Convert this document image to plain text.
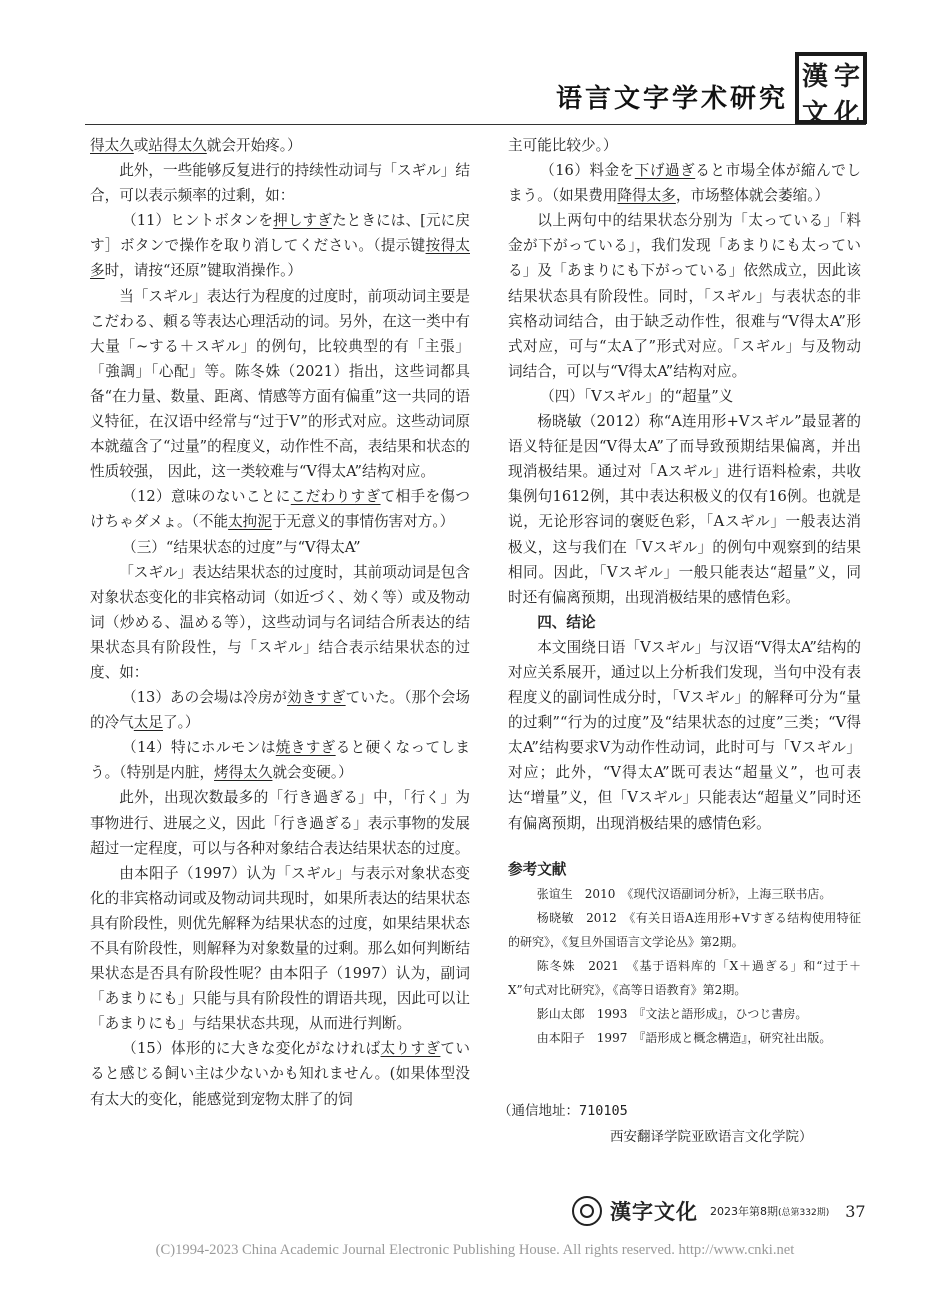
语言文字学术研究
漢 字
文 化

得太久或站得太久就会开始疼。）

此外，一些能够反复进行的持续性动词与「スギル」结合，可以表示频率的过剩，如：

（11）ヒントボタンを押しすぎたときには、[元に戻す］ボタンで操作を取り消してください。（提示键按得太多时，请按“还原”键取消操作。）

当「スギル」表达行为程度的过度时，前项动词主要是こだわる、頼る等表达心理活动的词。另外，在这一类中有大量「~する＋スギル」的例句，比较典型的有「主張」「強調」「心配」等。陈冬姝（2021）指出，这些词都具备“在力量、数量、距离、情感等方面有偏重”这一共同的语义特征，在汉语中经常与“过于V”的形式对应。这些动词原本就蕴含了“过量”的程度义，动作性不高，表结果和状态的性质较强， 因此，这一类较难与“V得太A”结构对应。

（12）意味のないことにこだわりすぎて相手を傷つけちゃダメょ。（不能太拘泥于无意义的事情伤害对方。）

（三）“结果状态的过度”与“V得太A”

「スギル」表达结果状态的过度时，其前项动词是包含对象状态变化的非宾格动词（如近づく、効く等）或及物动词（炒める、温める等），这些动词与名词结合所表达的结果状态具有阶段性，与「スギル」结合表示结果状态的过度、如：

（13）あの会場は冷房が効きすぎていた。（那个会场的冷气太足了。）

（14）特にホルモンは焼きすぎると硬くなってしまう。（特别是内脏，烤得太久就会变硬。）

此外，出现次数最多的「行き過ぎる」中，「行く」为事物进行、进展之义，因此「行き過ぎる」表示事物的发展超过一定程度，可以与各种对象结合表达结果状态的过度。

由本阳子（1997）认为「スギル」与表示对象状态变化的非宾格动词或及物动词共现时，如果所表达的结果状态具有阶段性，则优先解释为结果状态的过度，如果结果状态不具有阶段性，则解释为对象数量的过剩。那么如何判断结果状态是否具有阶段性呢？由本阳子（1997）认为，副词「あまりにも」只能与具有阶段性的谓语共现，因此可以让「あまりにも」与结果状态共现，从而进行判断。

（15）体形的に大きな変化がなければ太りすぎていると感じる飼い主は少ないかも知れません。(如果体型没有太大的变化，能感觉到宠物太胖了的饲

主可能比较少。）

（16）料金を下げ過ぎると市場全体が縮んでしまう。（如果费用降得太多，市场整体就会萎缩。）

以上两句中的结果状态分别为「太っている」「料金が下がっている」，我们发现「あまりにも太っている」及「あまりにも下がっている」依然成立，因此该结果状态具有阶段性。同时，「スギル」与表状态的非宾格动词结合，由于缺乏动作性，很难与“V得太A”形式对应，可与“太A了”形式对应。「スギル」与及物动词结合，可以与“V得太A”结构对应。

（四）「Vスギル」的“超量”义

杨晓敏（2012）称“A连用形+Vスギル”最显著的语义特征是因“V得太A”了而导致预期结果偏离，并出现消极结果。通过对「Aスギル」进行语料检索，共收集例句1612例，其中表达积极义的仅有16例。也就是说，无论形容词的褒贬色彩，「Aスギル」一般表达消极义，这与我们在「Vスギル」的例句中观察到的结果相同。因此，「Vスギル」一般只能表达“超量”义，同时还有偏离预期，出现消极结果的感情色彩。

四、结论

本文围绕日语「Vスギル」与汉语“V得太A”结构的对应关系展开，通过以上分析我们发现，当句中没有表程度义的副词性成分时，「Vスギル」的解释可分为“量的过剩”“行为的过度”及“结果状态的过度”三类；“V得太A”结构要求V为动作性动词，此时可与「Vスギル」对应；此外，“V得太A”既可表达“超量义”，也可表达“增量”义，但「Vスギル」只能表达“超量义”同时还有偏离预期，出现消极结果的感情色彩。

参考文献

张谊生　2010　《现代汉语副词分析》，上海三联书店。

杨晓敏　2012　《有关日语A连用形+Vすぎる结构使用特征的研究》，《复旦外国语言文学论丛》第2期。

陈冬姝　2021　《基于语料库的「X＋過ぎる」和“过于＋X”句式对比研究》，《高等日语教育》第2期。

影山太郎　1993　『文法と語形成』，ひつじ書房。

由本阳子　1997　『語形成と概念構造』，研究社出版。

（通信地址：710105
西安翻译学院亚欧语言文化学院）
漢字文化 2023年第8期(总第332期) 37
(C)1994-2023 China Academic Journal Electronic Publishing House. All rights reserved. http://www.cnki.net
